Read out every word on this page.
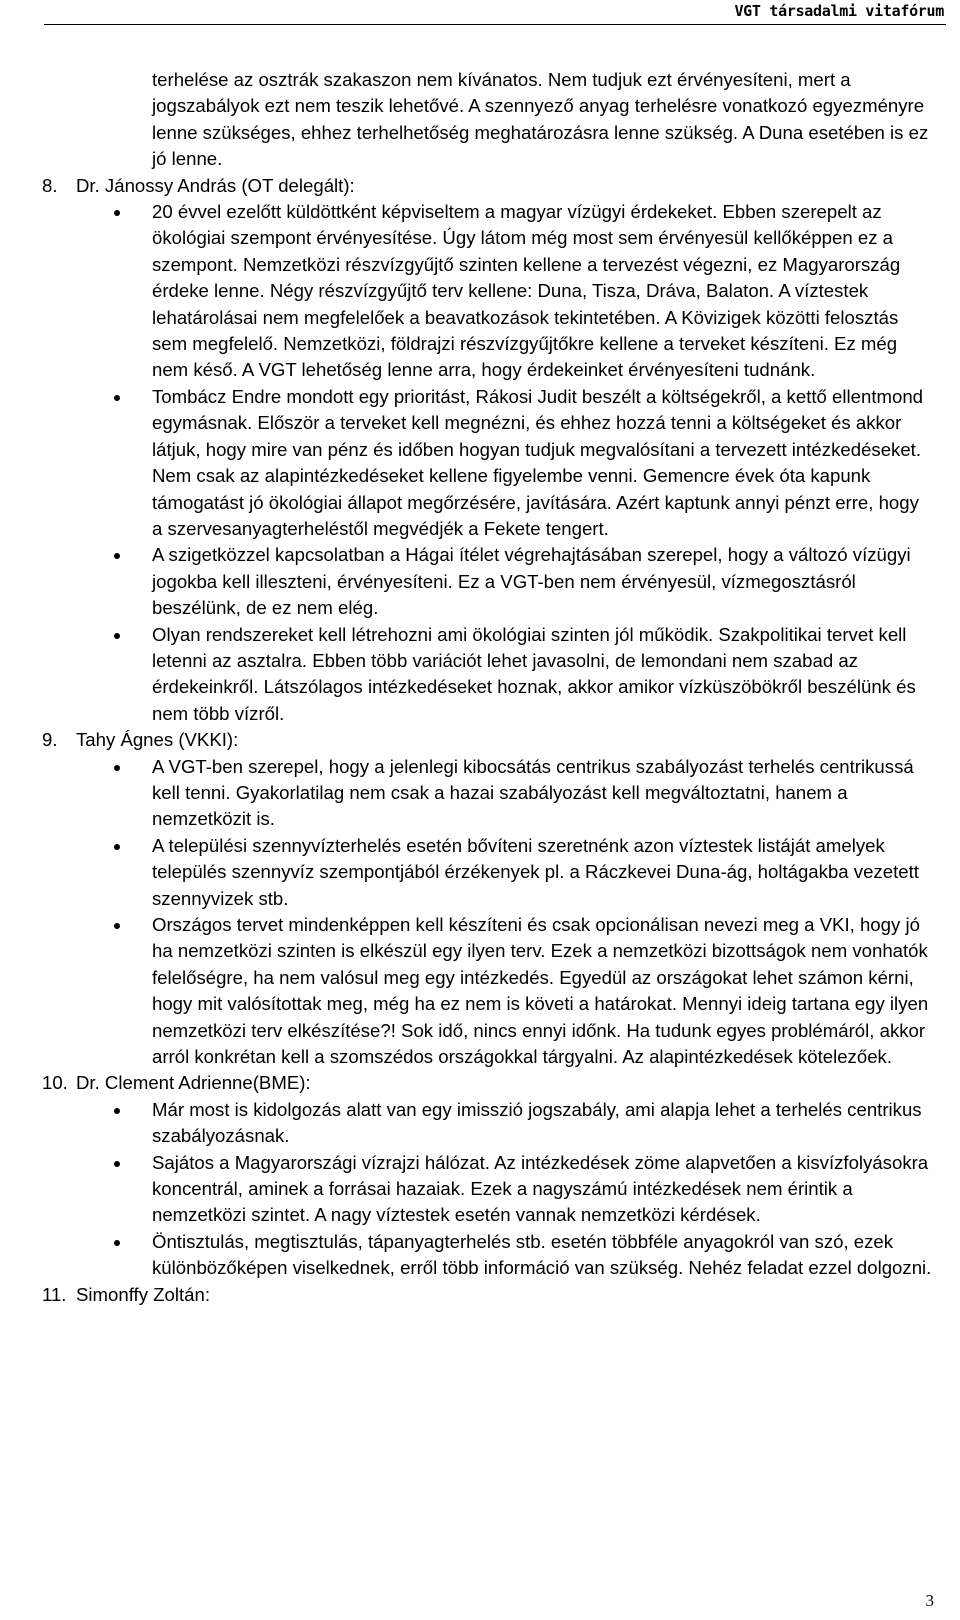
VGT társadalmi vitafórum
terhelése az osztrák szakaszon nem kívánatos. Nem tudjuk ezt érvényesíteni, mert a jogszabályok ezt nem teszik lehetővé. A szennyező anyag terhelésre vonatkozó egyezményre lenne szükséges, ehhez terhelhetőség meghatározásra lenne szükség. A Duna esetében is ez jó lenne.
8. Dr. Jánossy András (OT delegált):
20 évvel ezelőtt küldöttként képviseltem a magyar vízügyi érdekeket. Ebben szerepelt az ökológiai szempont érvényesítése. Úgy látom még most sem érvényesül kellőképpen ez a szempont. Nemzetközi részvízgyűjtő szinten kellene a tervezést végezni, ez Magyarország érdeke lenne. Négy részvízgyűjtő terv kellene: Duna, Tisza, Dráva, Balaton. A víztestek lehatárolásai nem megfelelőek a beavatkozások tekintetében. A Kövizigek közötti felosztás sem megfelelő. Nemzetközi, földrajzi részvízgyűjtőkre kellene a terveket készíteni. Ez még nem késő. A VGT lehetőség lenne arra, hogy érdekeinket érvényesíteni tudnánk.
Tombácz Endre mondott egy prioritást, Rákosi Judit beszélt a költségekről, a kettő ellentmond egymásnak. Először a terveket kell megnézni, és ehhez hozzá tenni a költségeket és akkor látjuk, hogy mire van pénz és időben hogyan tudjuk megvalósítani a tervezett intézkedéseket. Nem csak az alapintézkedéseket kellene figyelembe venni. Gemencre évek óta kapunk támogatást jó ökológiai állapot megőrzésére, javítására. Azért kaptunk annyi pénzt erre, hogy a szervesanyagterheléstől megvédjék a Fekete tengert.
A szigetközzel kapcsolatban a Hágai ítélet végrehajtásában szerepel, hogy a változó vízügyi jogokba kell illeszteni, érvényesíteni. Ez a VGT-ben nem érvényesül, vízmegosztásról beszélünk, de ez nem elég.
Olyan rendszereket kell létrehozni ami ökológiai szinten jól működik. Szakpolitikai tervet kell letenni az asztalra. Ebben több variációt lehet javasolni, de lemondani nem szabad az érdekeinkről. Látszólagos intézkedéseket hoznak, akkor amikor vízküszöbökről beszélünk és nem több vízről.
9. Tahy Ágnes (VKKI):
A VGT-ben szerepel, hogy a jelenlegi kibocsátás centrikus szabályozást terhelés centrikussá kell tenni. Gyakorlatilag nem csak a hazai szabályozást kell megváltoztatni, hanem a nemzetközit is.
A települési szennyvízterhelés esetén bővíteni szeretnénk azon víztestek listáját amelyek település szennyvíz szempontjából érzékenyek pl. a Ráczkevei Duna-ág, holtágakba vezetett szennyvizek stb.
Országos tervet mindenképpen kell készíteni és csak opcionálisan nevezi meg a VKI, hogy jó ha nemzetközi szinten is elkészül egy ilyen terv. Ezek a nemzetközi bizottságok nem vonhatók felelőségre, ha nem valósul meg egy intézkedés. Egyedül az országokat lehet számon kérni, hogy mit valósítottak meg, még ha ez nem is követi a határokat. Mennyi ideig tartana egy ilyen nemzetközi terv elkészítése?! Sok idő, nincs ennyi időnk. Ha tudunk egyes problémáról, akkor arról konkrétan kell a szomszédos országokkal tárgyalni. Az alapintézkedések kötelezőek.
10. Dr. Clement Adrienne(BME):
Már most is kidolgozás alatt van egy imisszió jogszabály, ami alapja lehet a terhelés centrikus szabályozásnak.
Sajátos a Magyarországi vízrajzi hálózat. Az intézkedések zöme alapvetően a kisvízfolyásokra koncentrál, aminek a forrásai hazaiak. Ezek a nagyszámú intézkedések nem érintik a nemzetközi szintet. A nagy víztestek esetén vannak nemzetközi kérdések.
Öntisztulás, megtisztulás, tápanyagterhelés stb. esetén többféle anyagokról van szó, ezek különbözőképen viselkednek, erről több információ van szükség. Nehéz feladat ezzel dolgozni.
11. Simonffy Zoltán:
3
